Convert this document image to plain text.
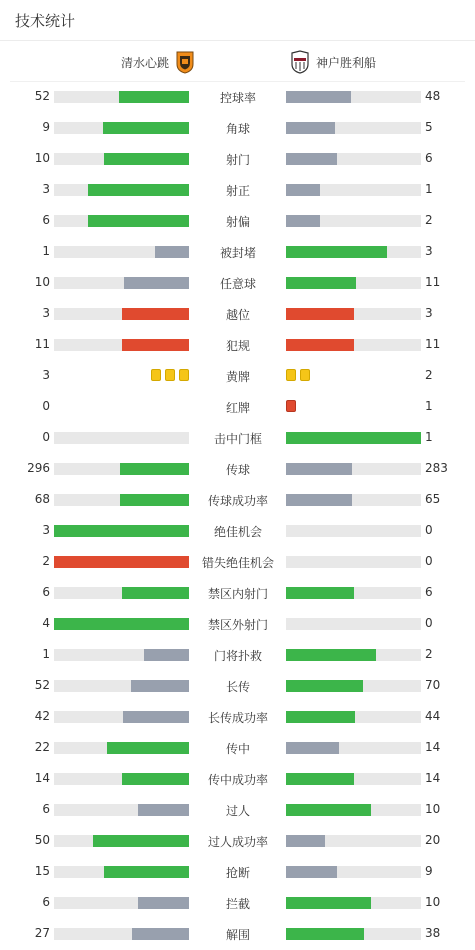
技术统计
清水心跳	神户胜利船
52	控球率	48
9	角球	5
10	射门	6
3	射正	1
6	射偏	2
1	被封堵	3
10	任意球	11
3	越位	3
11	犯规	11
3	黄牌	2
0	红牌	1
0	击中门框	1
296	传球	283
68	传球成功率	65
3	绝佳机会	0
2	错失绝佳机会	0
6	禁区内射门	6
4	禁区外射门	0
1	门将扑救	2
52	长传	70
42	长传成功率	44
22	传中	14
14	传中成功率	14
6	过人	10
50	过人成功率	20
15	抢断	9
6	拦截	10
27	解围	38
